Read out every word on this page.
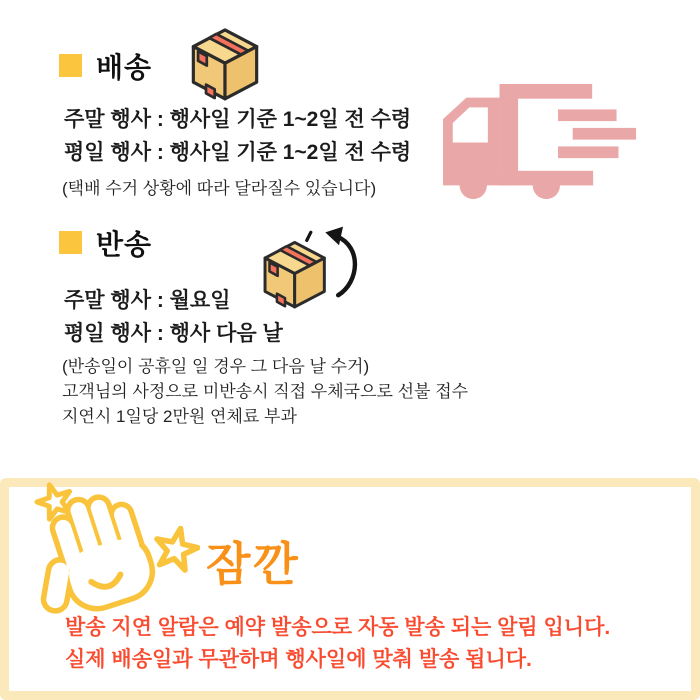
배송
주말 행사 : 행사일 기준 1~2일 전 수령
평일 행사 : 행사일 기준 1~2일 전 수령
(택배 수거 상황에 따라 달라질수 있습니다)
반송
주말 행사 : 월요일
평일 행사 : 행사 다음 날
(반송일이 공휴일 일 경우 그 다음 날 수거)
고객님의 사정으로 미반송시 직접 우체국으로 선불 접수
지연시 1일당 2만원 연체료 부과
잠깐
발송 지연 알람은 예약 발송으로 자동 발송 되는 알림 입니다.
실제 배송일과 무관하며 행사일에 맞춰 발송 됩니다.
